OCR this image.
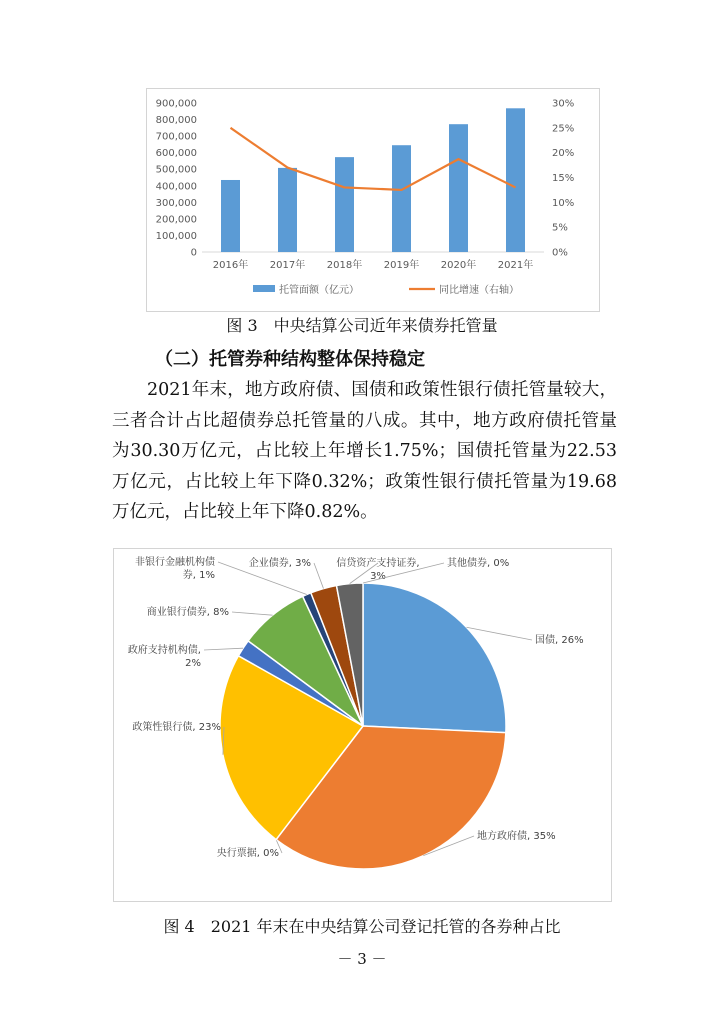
900,000
800,000
700,000
600,000
500,000
400,000
300,000
200,000
100,000
0
30%
25%
20%
15%
10%
5%
0%
2016年 2017年 2018年 2019年 2020年 2021年
托管面额（亿元）	同比增速（右轴）
图 3　中央结算公司近年来债券托管量
（二）托管券种结构整体保持稳定
2021年末，地方政府债、国债和政策性银行债托管量较大，三者合计占比超债券总托管量的八成。其中，地方政府债托管量为30.30万亿元，占比较上年增长1.75%；国债托管量为22.53万亿元，占比较上年下降0.32%；政策性银行债托管量为19.68万亿元，占比较上年下降0.82%。
国债, 26%
地方政府债, 35%
央行票据, 0%
政策性银行债, 23%
政府支持机构债,
2%
商业银行债券, 8%
非银行金融机构债
券, 1%
企业债券, 3%	信贷资产支持证券,
3%
其他债券, 0%
图 4　2021 年末在中央结算公司登记托管的各券种占比
－ 3 －
